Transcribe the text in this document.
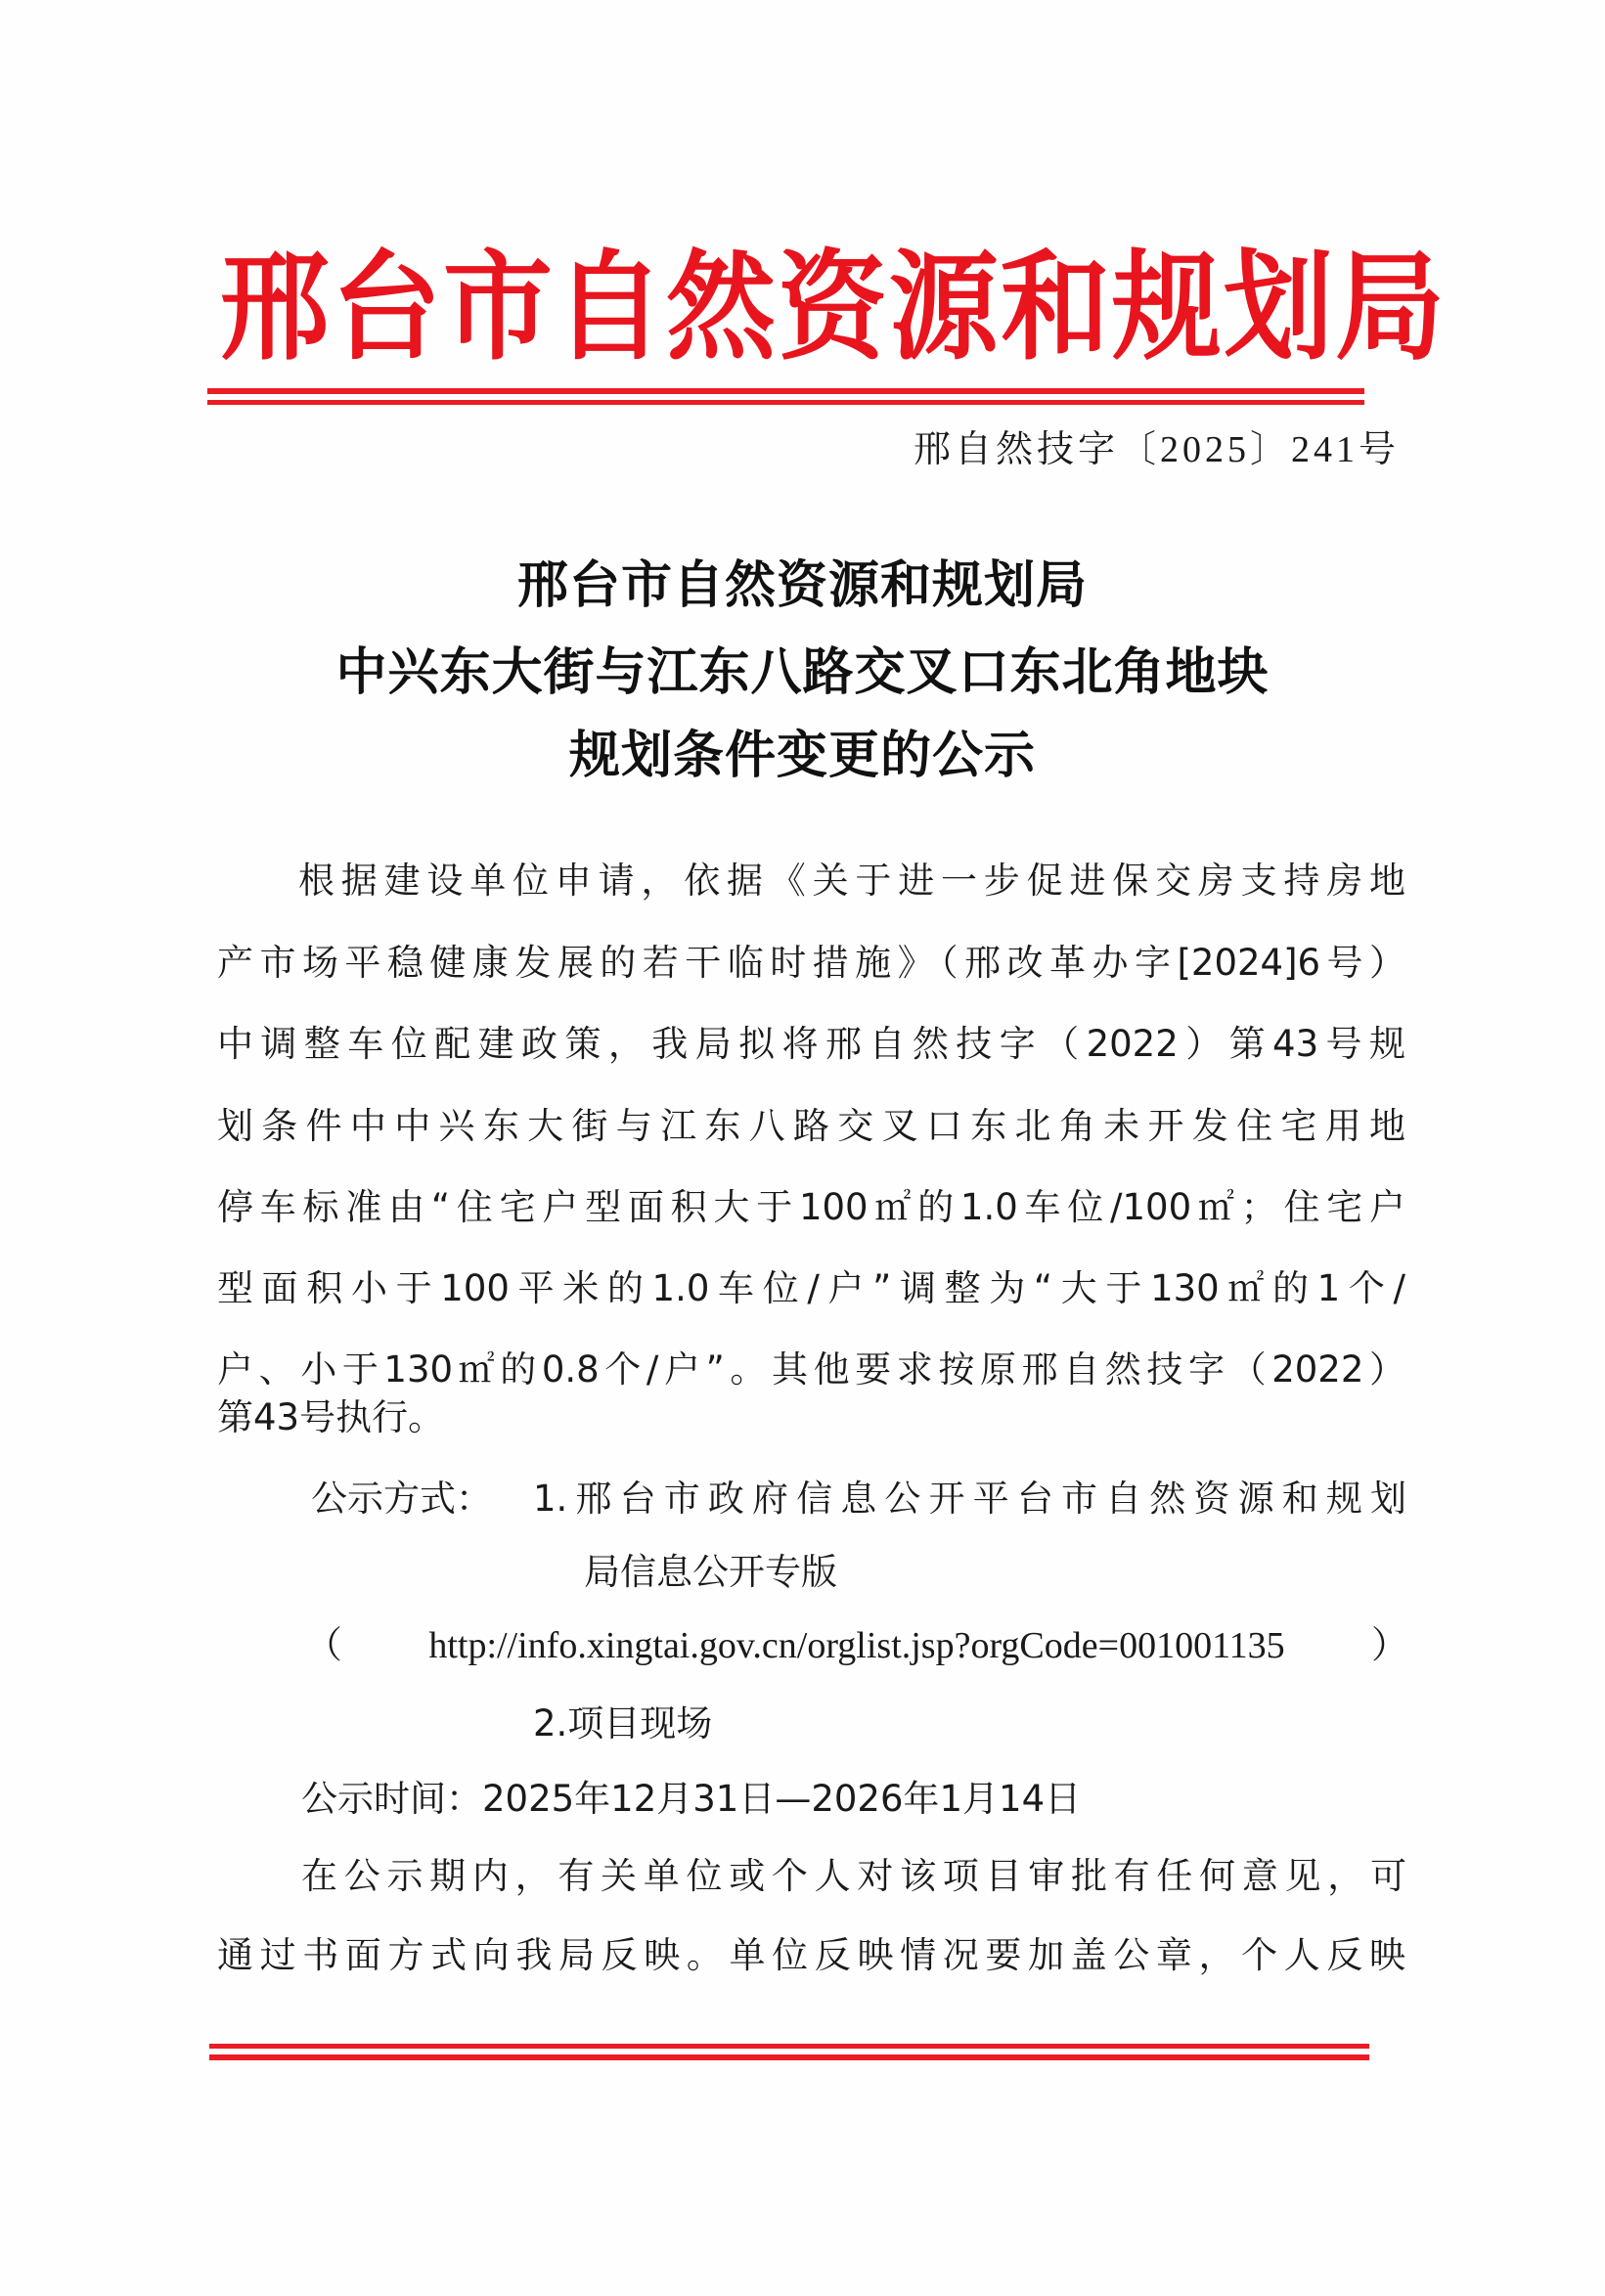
邢台市自然资源和规划局
邢自然技字〔2025〕241号
邢台市自然资源和规划局
中兴东大街与江东八路交叉口东北角地块
规划条件变更的公示
根据建设单位申请，依据《关于进一步促进保交房支持房地
产市场平稳健康发展的若干临时措施》（邢改革办字[2024]6号）
中调整车位配建政策，我局拟将邢自然技字（2022）第43号规
划条件中中兴东大街与江东八路交叉口东北角未开发住宅用地
停车标准由“住宅户型面积大于100㎡的1.0车位/100㎡；住宅户
型面积小于100平米的1.0车位/户”调整为“大于130㎡的1个/
户、小于130㎡的0.8个/户”。其他要求按原邢自然技字（2022）
第43号执行。
公示方式： 1.邢台市政府信息公开平台市自然资源和规划
局信息公开专版
（http://info.xingtai.gov.cn/orglist.jsp?orgCode=001001135）
2.项目现场
公示时间：2025年12月31日—2026年1月14日
在公示期内，有关单位或个人对该项目审批有任何意见，可
通过书面方式向我局反映。单位反映情况要加盖公章，个人反映
